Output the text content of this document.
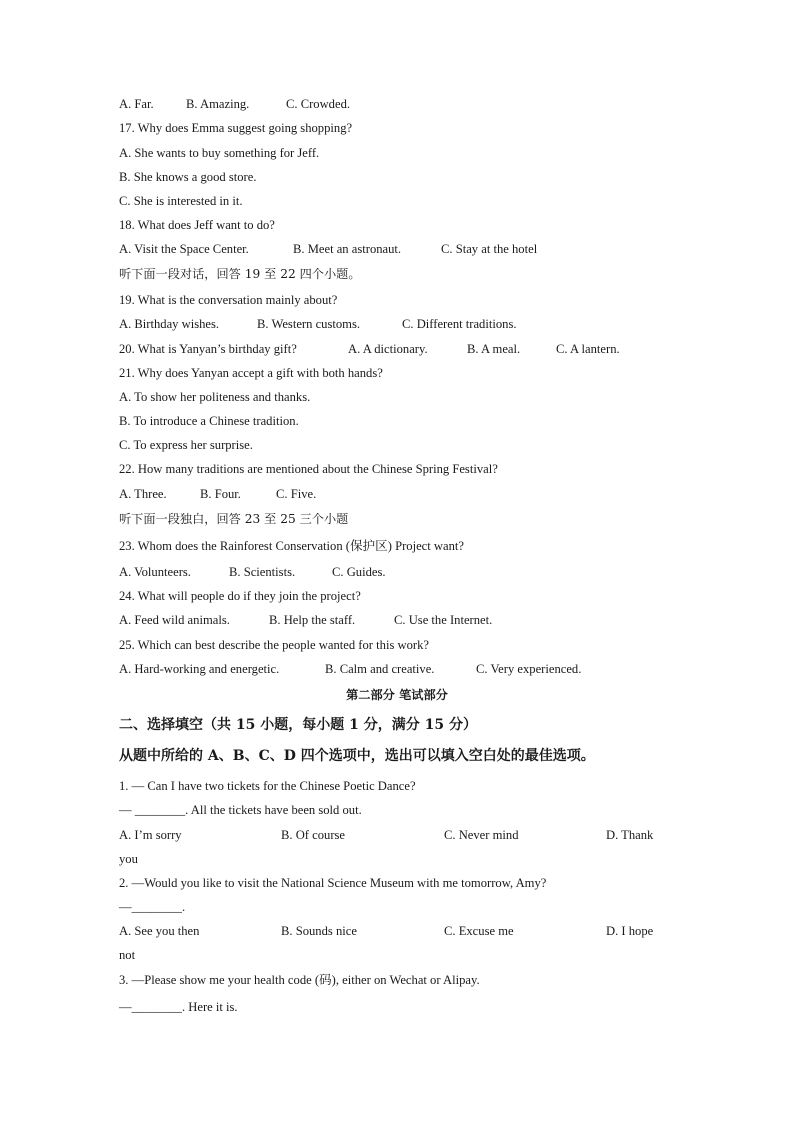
A. Far.	B. Amazing.	C. Crowded.
17. Why does Emma suggest going shopping?
A. She wants to buy something for Jeff.
B. She knows a good store.
C. She is interested in it.
18. What does Jeff want to do?
A. Visit the Space Center.	B. Meet an astronaut.	C. Stay at the hotel
听下面一段对话，回答 19 至 22 四个小题。
19. What is the conversation mainly about?
A. Birthday wishes.	B. Western customs.	C. Different traditions.
20. What is Yanyan’s birthday gift?	A. A dictionary.	B. A meal.	C. A lantern.
21. Why does Yanyan accept a gift with both hands?
A. To show her politeness and thanks.
B. To introduce a Chinese tradition.
C. To express her surprise.
22. How many traditions are mentioned about the Chinese Spring Festival?
A. Three.	B. Four.	C. Five.
听下面一段独白，回答 23 至 25 三个小题
23. Whom does the Rainforest Conservation (保护区) Project want?
A. Volunteers.	B. Scientists.	C. Guides.
24. What will people do if they join the project?
A. Feed wild animals.	B. Help the staff.	C. Use the Internet.
25. Which can best describe the people wanted for this work?
A. Hard-working and energetic.	B. Calm and creative.	C. Very experienced.
第二部分 笔试部分
二、选择填空（共 15 小题，每小题 1 分，满分 15 分）
从题中所给的 A、B、C、D 四个选项中，选出可以填入空白处的最佳选项。
1. — Can I have two tickets for the Chinese Poetic Dance?
— ________. All the tickets have been sold out.
A. I’m sorry	B. Of course	C. Never mind	D. Thank
you
2. —Would you like to visit the National Science Museum with me tomorrow, Amy?
—________.
A. See you then	B. Sounds nice	C. Excuse me	D. I hope
not
3. —Please show me your health code (码), either on Wechat or Alipay.
—________. Here it is.
